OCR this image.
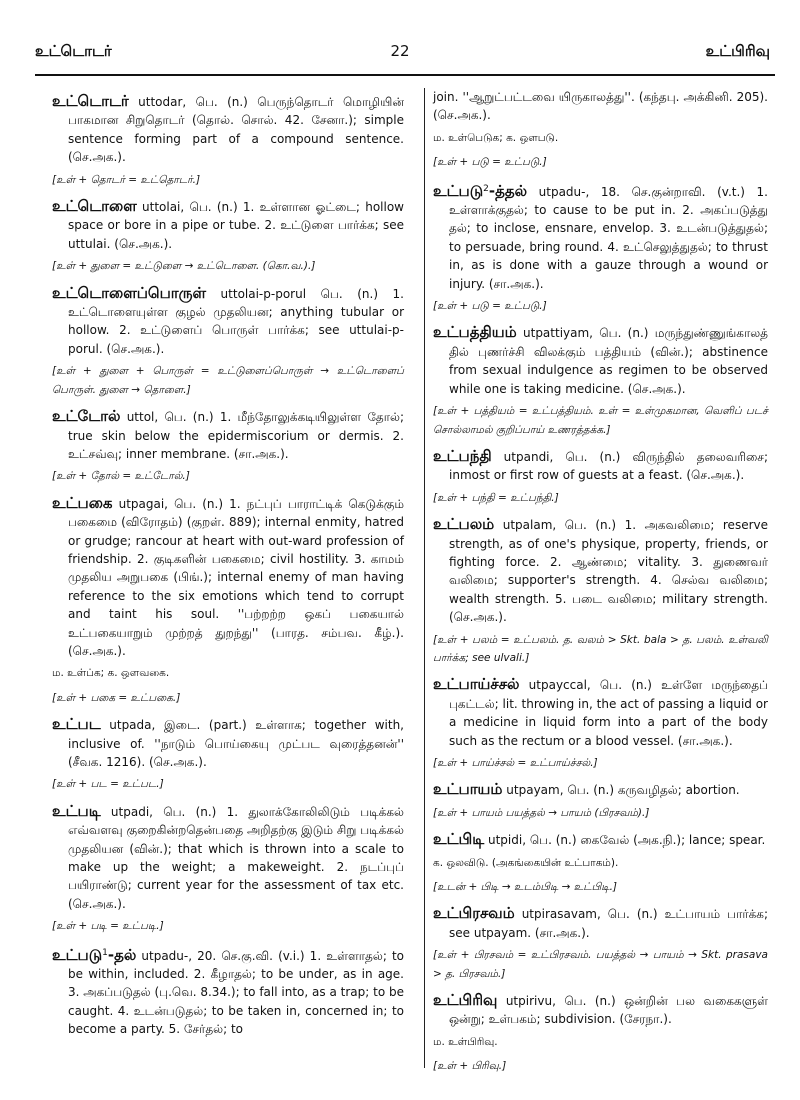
உட்டொடர்	22	உட்பிரிவு
உட்டொடர் uttodar, பெ. (n.) பெருந்தொடர் மொழியின் பாகமான சிறுதொடர் (தொல். சொல். 42. சேனா.); simple sentence forming part of a compound sentence. (செ.அக.).
[உள் + தொடர் = உட்தொடர்.]
உட்டொளை uttolai, பெ. (n.) 1. உள்ளான ஓட்டை; hollow space or bore in a pipe or tube. 2. உட்டுளை பார்க்க; see uttulai. (செ.அக.).
[உள் + துளை = உட்டுளை → உட்டொளை. (கொ.வ.).]
உட்டொளைப்பொருள் uttolai-p-porul பெ. (n.) 1. உட்டொளையுள்ள குழல் முதலியன; anything tubular or hollow. 2. உட்டுளைப் பொருள் பார்க்க; see uttulai-p-porul. (செ.அக.).
[உள் + துளை + பொருள் = உட்டுளைப்பொருள் → உட்டொளைப் பொருள். துளை → தொளை.]
உட்டோல் uttol, பெ. (n.) 1. மீந்தோலுக்கடியிலுள்ள தோல்; true skin below the epidermiscorium or dermis. 2. உட்சவ்வு; inner membrane. (சா.அக.).
[உள் + தோல் = உட்டோல்.]
உட்பகை utpagai, பெ. (n.) 1. நட்புப் பாராட்டிக் கெடுக்கும் பகைமை (விரோதம்) (குறள். 889); internal enmity, hatred or grudge; rancour at heart with out-ward profession of friendship. 2. குடிகளின் பகைமை; civil hostility. 3. காமம் முதலிய அறுபகை (பிங்.); internal enemy of man having reference to the six emotions which tend to corrupt and taint his soul. ''பற்றற்ற ஒகப் பகையால் உட்பகையாறும் முற்றத் துறந்து'' (பாரத. சம்பவ. கீழ்.). (செ.அக.).
ம. உள்ப்க; க. ஒளவகை.
[உள் + பகை = உட்பகை.]
உட்பட utpada, இடை. (part.) உள்ளாக; together with, inclusive of. ''நாடும் பொய்கையு முட்பட வுரைத்தனன்'' (சீவக. 1216). (செ.அக.).
[உள் + பட = உட்பட.]
உட்படி utpadi, பெ. (n.) 1. துலாக்கோலிலிடும் படிக்கல் எவ்வளவு குறைகின்றதென்பதை அறிதற்கு இடும் சிறு படிக்கல் முதலியன (வின்.); that which is thrown into a scale to make up the weight; a makeweight. 2. நடப்புப் பயிராண்டு; current year for the assessment of tax etc. (செ.அக.).
[உள் + படி = உட்படி.]
உட்படு$^1$-தல் utpadu-, 20. செ.கு.வி. (v.i.) 1. உள்ளாதல்; to be within, included. 2. கீழாதல்; to be under, as in age. 3. அகப்படுதல் (பு.வெ. 8.34.); to fall into, as a trap; to be caught. 4. உடன்படுதல்; to be taken in, concerned in; to become a party. 5. சேர்தல்; to
join. ''ஆறுட்பட்டவை யிருகாலத்து''. (கந்தபு. அக்கினி. 205). (செ.அக.).
ம. உள்பெடுக; க. ஒளபடு.
[உள் + படு = உட்படு.]
உட்படு$^2$-த்தல் utpadu-, 18. செ.குன்றாவி. (v.t.) 1. உள்ளாக்குதல்; to cause to be put in. 2. அகப்படுத்து தல்; to inclose, ensnare, envelop. 3. உடன்படுத்துதல்; to persuade, bring round. 4. உட்செலுத்துதல்; to thrust in, as is done with a gauze through a wound or injury. (சா.அக.).
[உள் + படு = உட்படு.]
உட்பத்தியம் utpattiyam, பெ. (n.) மருந்துண்ணுங்காலத் தில் புணர்ச்சி விலக்கும் பத்தியம் (வின்.); abstinence from sexual indulgence as regimen to be observed while one is taking medicine. (செ.அக.).
[உள் + பத்தியம் = உட்பத்தியம். உள் = உள்முகமான, வெளிப் படச் சொல்லாமல் குறிப்பாய் உணரத்தக்க.]
உட்பந்தி utpandi, பெ. (n.) விருந்தில் தலைவரிசை; inmost or first row of guests at a feast. (செ.அக.).
[உள் + பந்தி = உட்பந்தி.]
உட்பலம் utpalam, பெ. (n.) 1. அகவலிமை; reserve strength, as of one's physique, property, friends, or fighting force. 2. ஆண்மை; vitality. 3. துணைவர் வலிமை; supporter's strength. 4. செல்வ வலிமை; wealth strength. 5. படை வலிமை; military strength. (செ.அக.).
[உள் + பலம் = உட்பலம். த. வலம் > Skt. bala > த. பலம். உள்வலி பார்க்க; see ulvali.]
உட்பாய்ச்சல் utpayccal, பெ. (n.) உள்ளே மருந்தைப் புகட்டல்; lit. throwing in, the act of passing a liquid or a medicine in liquid form into a part of the body such as the rectum or a blood vessel. (சா.அக.).
[உள் + பாய்ச்சல் = உட்பாய்ச்சல்.]
உட்பாயம் utpayam, பெ. (n.) கருவழிதல்; abortion.
[உள் + பாயம் பயத்தல் → பாயம் (பிரசவம்).]
உட்பிடி utpidi, பெ. (n.) கைவேல் (அக.நி.); lance; spear.
க. ஒலவிடு. (அகங்கையின் உட்பாகம்).
[உடன் + பிடி → உடம்பிடி → உட்பிடி.]
உட்பிரசவம் utpirasavam, பெ. (n.) உட்பாயம் பார்க்க; see utpayam. (சா.அக.).
[உள் + பிரசவம் = உட்பிரசவம். பயத்தல் → பாயம் → Skt. prasava > த. பிரசவம்.]
உட்பிரிவு utpirivu, பெ. (n.) ஒன்றின் பல வகைகளுள் ஒன்று; உள்பகம்; subdivision. (சேரநா.).
ம. உள்பிரிவு.
[உள் + பிரிவு.]
